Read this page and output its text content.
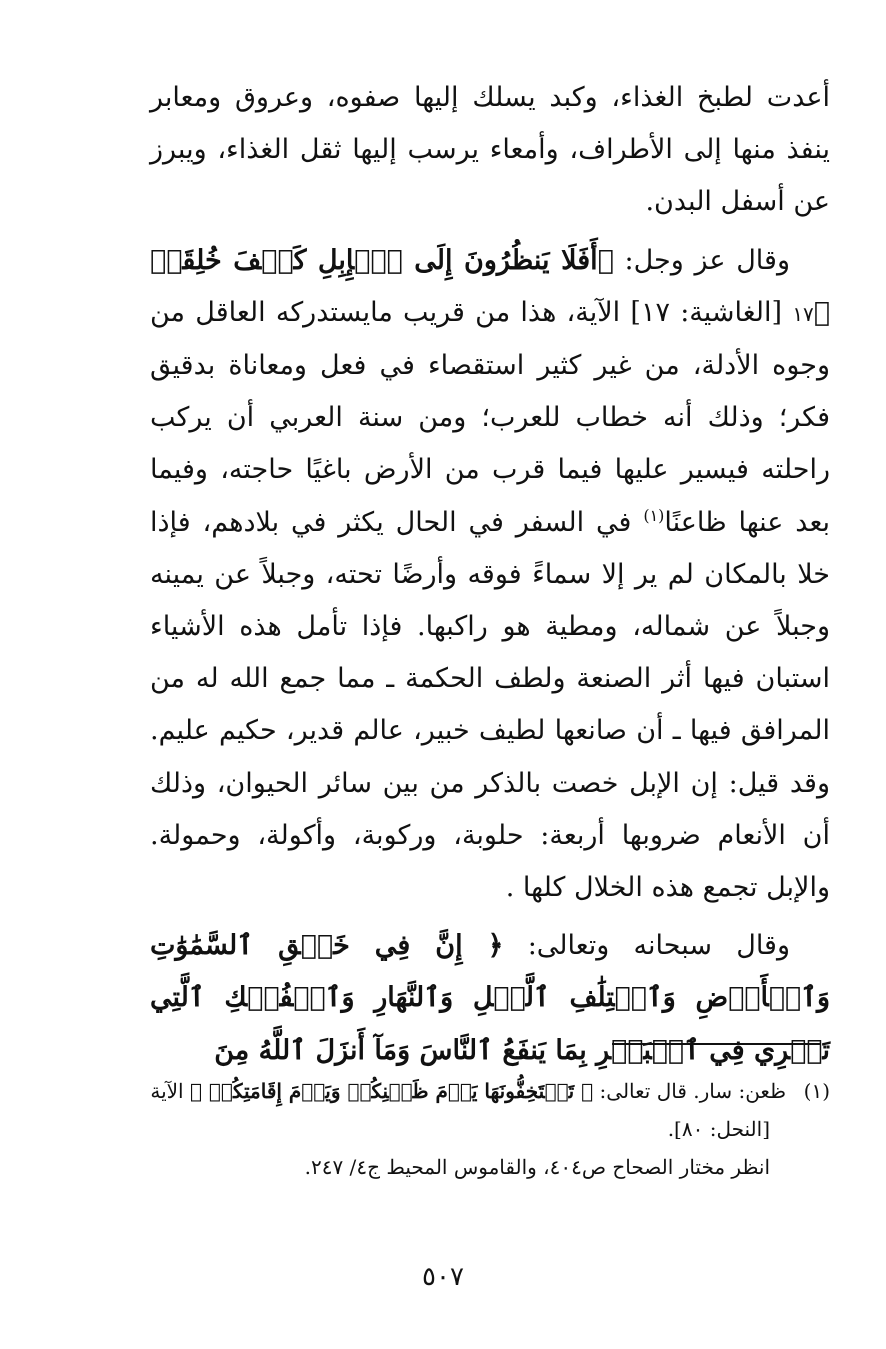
أعدت لطبخ الغذاء، وكبد يسلك إليها صفوه، وعروق ومعابر ينفذ منها إلى الأطراف، وأمعاء يرسب إليها ثقل الغذاء، ويبرز عن أسفل البدن.

وقال عز وجل: ﴿أَفَلَا يَنظُرُونَ إِلَى ٱلۡإِبِلِ كَيۡفَ خُلِقَتۡ ﴾١٧ [الغاشية: ١٧] الآية، هذا من قريب مايستدركه العاقل من وجوه الأدلة، من غير كثير استقصاء في فعل ومعاناة بدقيق فكر؛ وذلك أنه خطاب للعرب؛ ومن سنة العربي أن يركب راحلته فيسير عليها فيما قرب من الأرض باغيًا حاجته، وفيما بعد عنها ظاعنًا$^{(١)}$ في السفر في الحال يكثر في بلادهم، فإذا خلا بالمكان لم ير إلا سماءً فوقه وأرضًا تحته، وجبلاً عن يمينه وجبلاً عن شماله، ومطية هو راكبها. فإذا تأمل هذه الأشياء استبان فيها أثر الصنعة ولطف الحكمة ـ مما جمع الله له من المرافق فيها ـ أن صانعها لطيف خبير، عالم قدير، حكيم عليم. وقد قيل: إن الإبل خصت بالذكر من بين سائر الحيوان، وذلك أن الأنعام ضروبها أربعة: حلوبة، وركوبة، وأكولة، وحمولة. والإبل تجمع هذه الخلال كلها .

وقال سبحانه وتعالى: ﴿ إِنَّ فِي خَلۡقِ ٱلسَّمَٰوَٰتِ وَٱلۡأَرۡضِ وَٱخۡتِلَٰفِ ٱلَّيۡلِ وَٱلنَّهَارِ وَٱلۡفُلۡكِ ٱلَّتِي تَجۡرِي فِي ٱلۡبَحۡرِ بِمَا يَنفَعُ ٱلنَّاسَ وَمَآ أَنزَلَ ٱللَّهُ مِنَ

(١)ظعن: سار. قال تعالى: ﴿ تَسۡتَخِفُّونَهَا يَوۡمَ ظَعۡنِكُمۡ وَيَوۡمَ إِقَامَتِكُمۡ ﴾ الآية
[النحل: ٨٠].
انظر مختار الصحاح ص٤٠٤، والقاموس المحيط ج٤/ ٢٤٧.
٥٠٧
